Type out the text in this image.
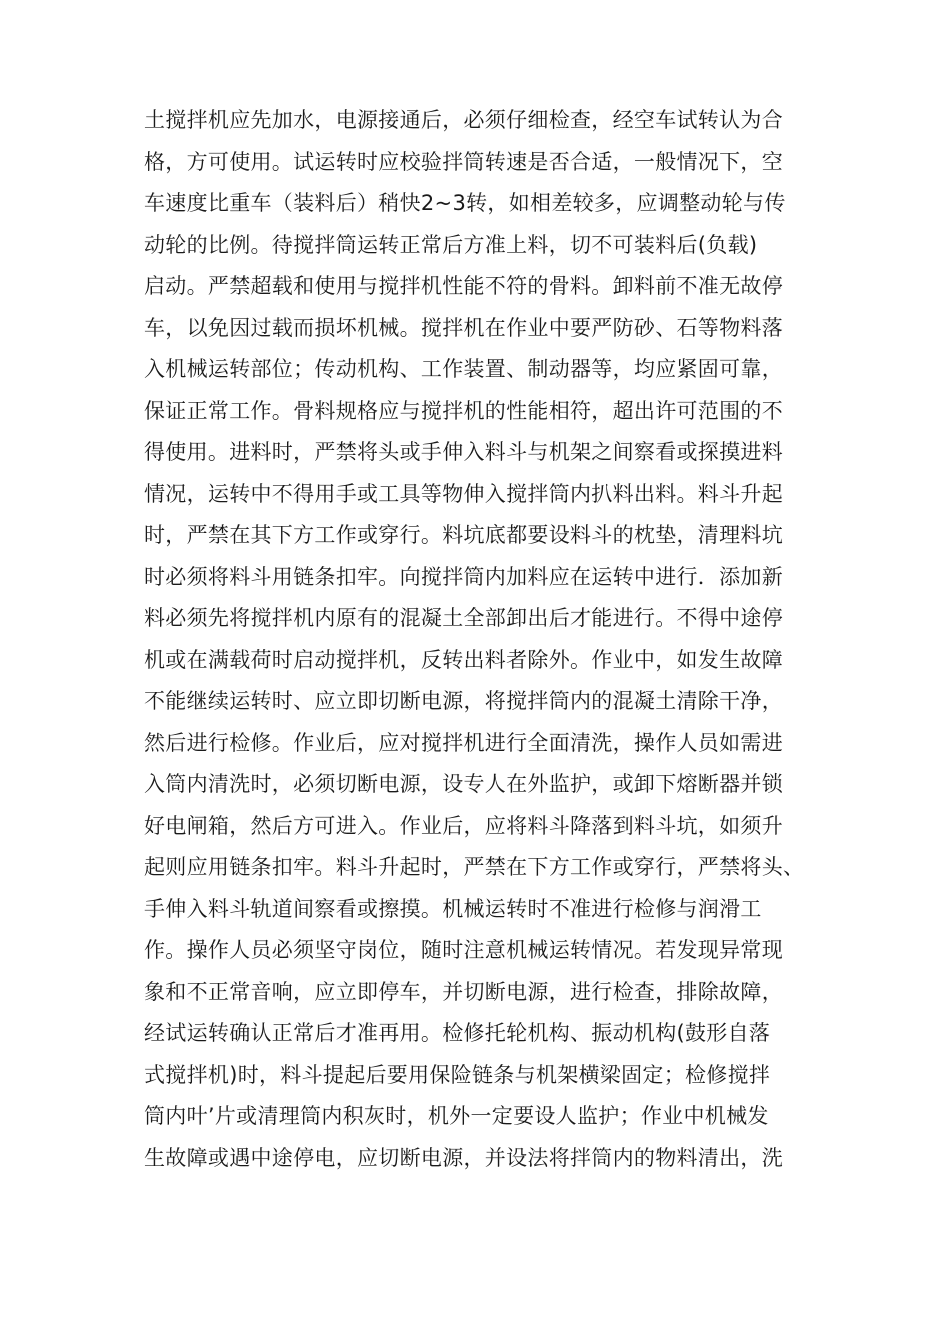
土搅拌机应先加水，电源接通后，必须仔细检查，经空车试转认为合
格，方可使用。试运转时应校验拌筒转速是否合适，一般情况下，空
车速度比重车（装料后）稍快2~3转，如相差较多，应调整动轮与传
动轮的比例。待搅拌筒运转正常后方准上料，切不可装料后(负载)
启动。严禁超载和使用与搅拌机性能不符的骨料。卸料前不准无故停
车，以免因过载而损坏机械。搅拌机在作业中要严防砂、石等物料落
入机械运转部位；传动机构、工作装置、制动器等，均应紧固可靠，
保证正常工作。骨料规格应与搅拌机的性能相符，超出许可范围的不
得使用。进料时，严禁将头或手伸入料斗与机架之间察看或探摸进料
情况，运转中不得用手或工具等物伸入搅拌筒内扒料出料。料斗升起
时，严禁在其下方工作或穿行。料坑底都要设料斗的枕垫，清理料坑
时必须将料斗用链条扣牢。向搅拌筒内加料应在运转中进行．添加新
料必须先将搅拌机内原有的混凝土全部卸出后才能进行。不得中途停
机或在满载荷时启动搅拌机，反转出料者除外。作业中，如发生故障
不能继续运转时、应立即切断电源，将搅拌筒内的混凝土清除干净，
然后进行检修。作业后，应对搅拌机进行全面清洗，操作人员如需进
入筒内清洗时，必须切断电源，设专人在外监护，或卸下熔断器并锁
好电闸箱，然后方可进入。作业后，应将料斗降落到料斗坑，如须升
起则应用链条扣牢。料斗升起时，严禁在下方工作或穿行，严禁将头、
手伸入料斗轨道间察看或擦摸。机械运转时不准进行检修与润滑工
作。操作人员必须坚守岗位，随时注意机械运转情况。若发现异常现
象和不正常音响，应立即停车，并切断电源，进行检查，排除故障，
经试运转确认正常后才准再用。检修托轮机构、振动机构(鼓形自落
式搅拌机)时，料斗提起后要用保险链条与机架横梁固定；检修搅拌
筒内叶’片或清理筒内积灰时，机外一定要设人监护；作业中机械发
生故障或遇中途停电，应切断电源，并设法将拌筒内的物料清出，洗
